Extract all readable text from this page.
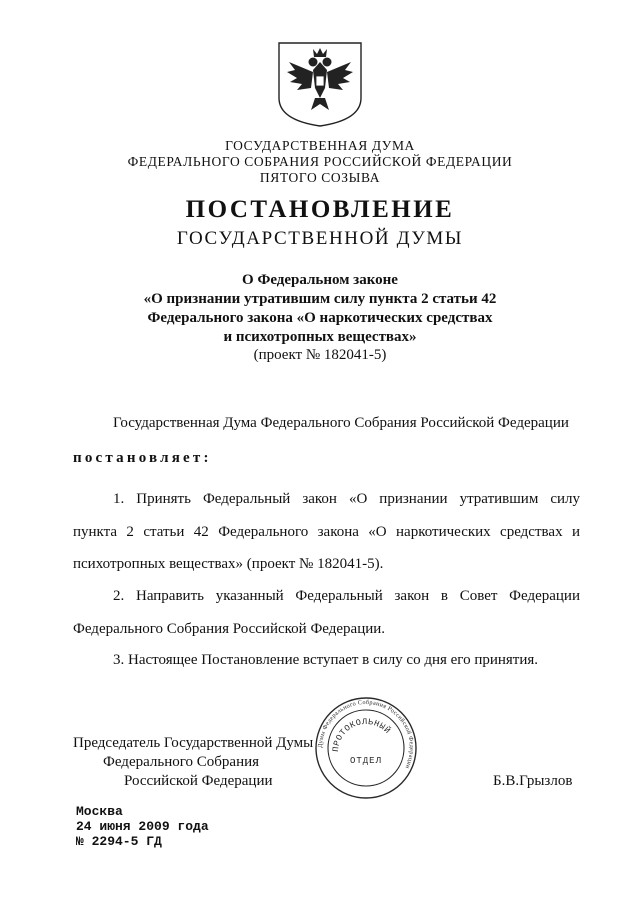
ГОСУДАРСТВЕННАЯ ДУМА
ФЕДЕРАЛЬНОГО СОБРАНИЯ РОССИЙСКОЙ ФЕДЕРАЦИИ
ПЯТОГО СОЗЫВА
ПОСТАНОВЛЕНИЕ
ГОСУДАРСТВЕННОЙ ДУМЫ
О Федеральном законе
«О признании утратившим силу пункта 2 статьи 42
Федерального закона «О наркотических средствах
и психотропных веществах»
(проект № 182041-5)
Государственная Дума Федерального Собрания Российской Федерации
постановляет:
1. Принять Федеральный закон «О признании утратившим силу
пункта 2 статьи 42 Федерального закона «О наркотических средствах и
психотропных веществах» (проект № 182041-5).
2. Направить указанный Федеральный закон в Совет Федерации
Федерального Собрания Российской Федерации.
3. Настоящее Постановление вступает в силу со дня его принятия.
Председатель Государственной Думы
Федерального Собрания
Российской Федерации	Б.В.Грызлов
Думы Федерального Собрания Российской Федерации
ПРОТОКОЛЬНЫЙ
ОТДЕЛ
Москва
24 июня 2009 года
№ 2294-5 ГД
